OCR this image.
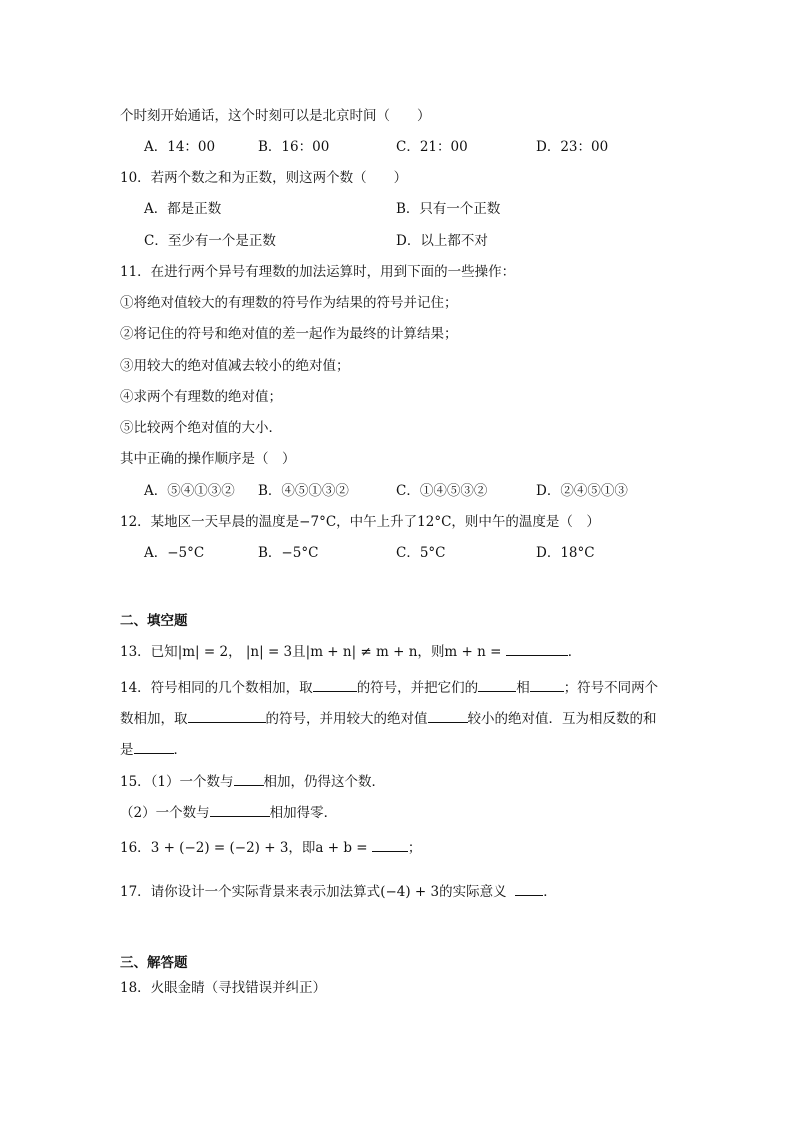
个时刻开始通话，这个时刻可以是北京时间（　　）
A．14：00	B．16：00	C．21：00	D．23：00
10．若两个数之和为正数，则这两个数（　　）
A．都是正数	B．只有一个正数
C．至少有一个是正数	D．以上都不对
11．在进行两个异号有理数的加法运算时，用到下面的一些操作：
①将绝对值较大的有理数的符号作为结果的符号并记住；
②将记住的符号和绝对值的差一起作为最终的计算结果；
③用较大的绝对值减去较小的绝对值；
④求两个有理数的绝对值；
⑤比较两个绝对值的大小．
其中正确的操作顺序是（　）
A．⑤④①③② B．④⑤①③②	C．①④⑤③②	D．②④⑤①③
12．某地区一天早晨的温度是−7°C，中午上升了12°C，则中午的温度是（　）
A．−5°C	B．−5°C	C．5°C	D．18°C
二、填空题
13．已知|m| = 2， |n| = 3且|m + n| ≠ m + n，则m + n =	．
14．符号相同的几个数相加，取	的符号，并把它们的	相	；符号不同两个
数相加，取	的符号，并用较大的绝对值	较小的绝对值．互为相反数的和
是	．
15．（1）一个数与 相加，仍得这个数．
（2）一个数与	相加得零．
16．3 + (−2) = (−2) + 3，即a + b =	；
17．请你设计一个实际背景来表示加法算式(−4) + 3的实际意义	．
三、解答题
18．火眼金睛（寻找错误并纠正）
